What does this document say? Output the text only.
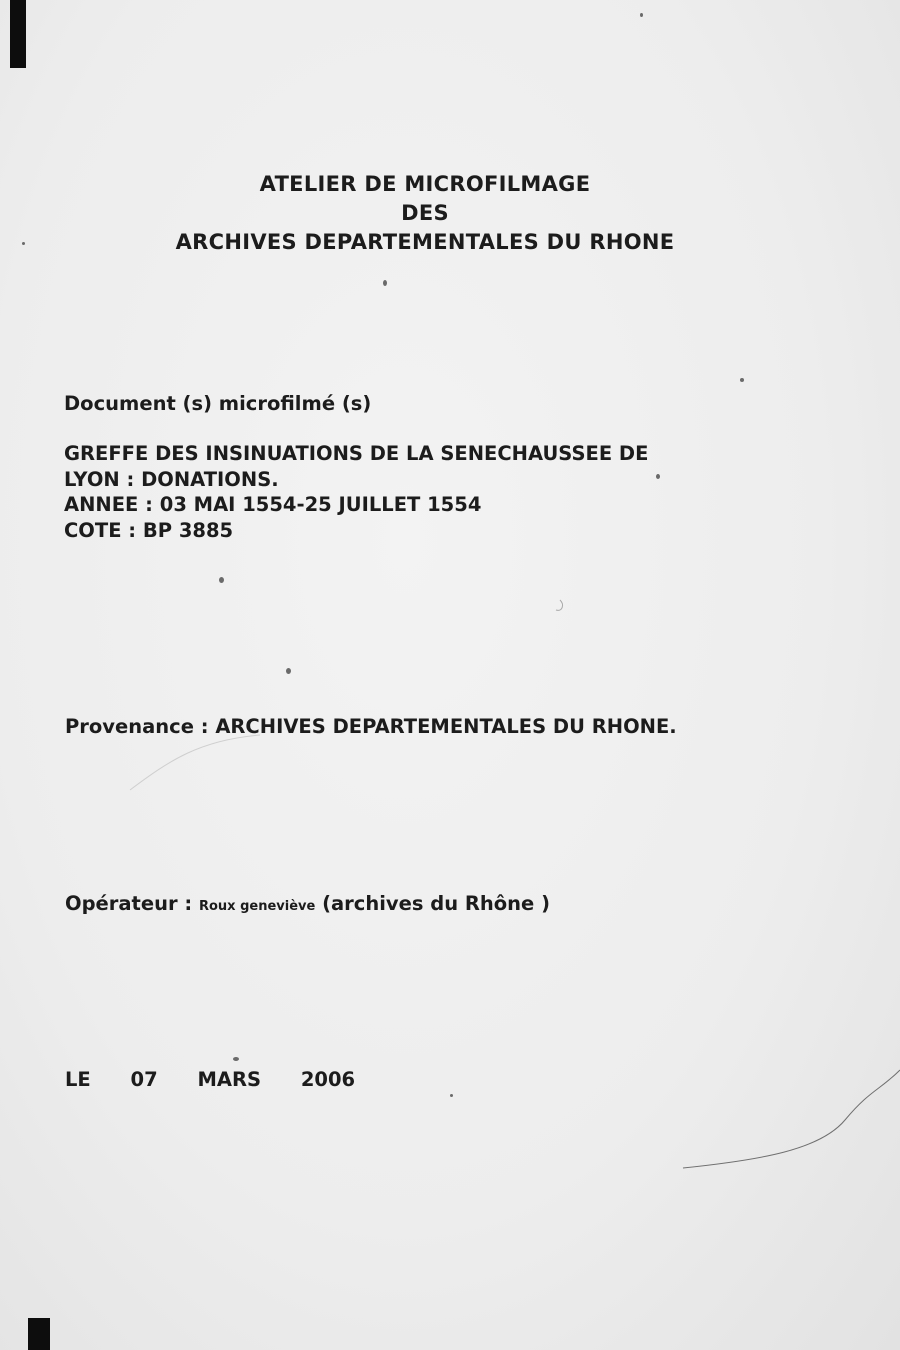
ATELIER DE MICROFILMAGE
DES
ARCHIVES DEPARTEMENTALES DU RHONE
Document (s) microfilmé (s)
GREFFE DES INSINUATIONS DE LA SENECHAUSSEE DE
LYON : DONATIONS.
ANNEE : 03 MAI 1554-25 JUILLET 1554
COTE : BP 3885
Provenance : ARCHIVES DEPARTEMENTALES DU RHONE.
Opérateur : Roux geneviève (archives du Rhône )
LE 07 MARS 2006
